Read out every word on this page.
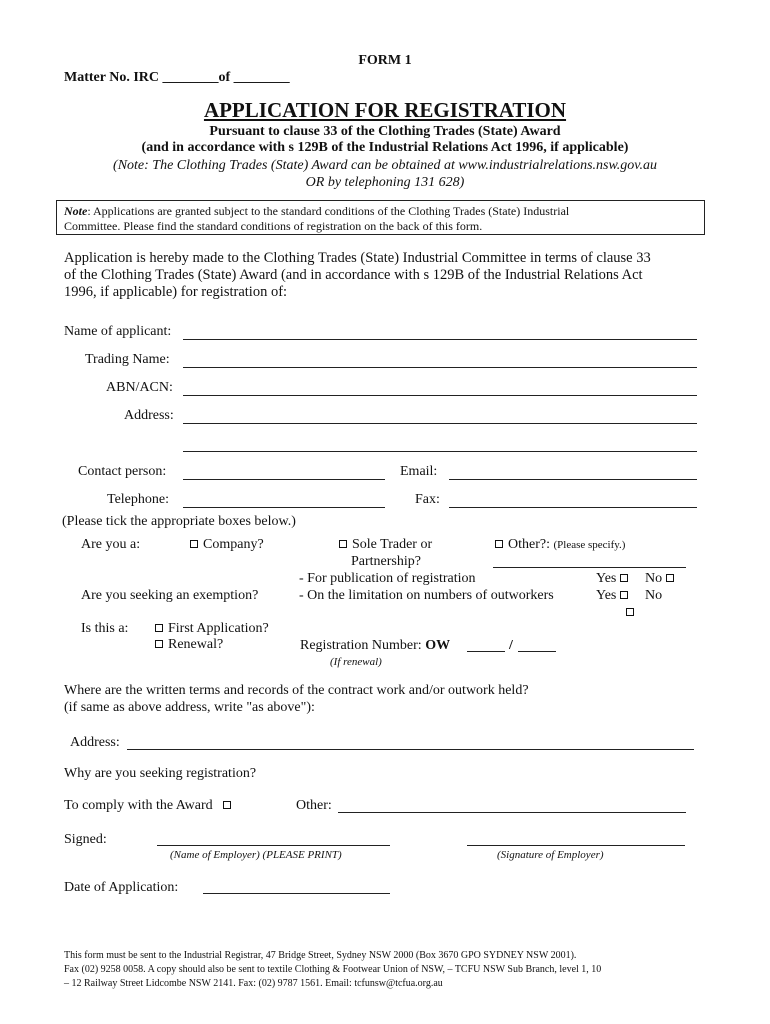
FORM 1
Matter No. IRC ________of ________
APPLICATION FOR REGISTRATION
Pursuant to clause 33 of the Clothing Trades (State) Award
(and in accordance with s 129B of the Industrial Relations Act 1996, if applicable)
(Note: The Clothing Trades (State) Award can be obtained at www.industrialrelations.nsw.gov.au
OR by telephoning 131 628)
Note: Applications are granted subject to the standard conditions of the Clothing Trades (State) Industrial
Committee. Please find the standard conditions of registration on the back of this form.
Application is hereby made to the Clothing Trades (State) Industrial Committee in terms of clause 33
of the Clothing Trades (State) Award (and in accordance with s 129B of the Industrial Relations Act
1996, if applicable) for registration of:
Name of applicant:
Trading Name:
ABN/ACN:
Address:
Contact person:	Email:
Telephone:	Fax:
(Please tick the appropriate boxes below.)
Are you a:	Company?	Sole Trader or
Partnership?
Other?: (Please specify.)
- For publication of registration	Yes	No
Are you seeking an exemption?	- On the limitation on numbers of outworkers	Yes	No
Is this a:	First Application?
Renewal?	Registration Number: OW	/
(If renewal)
Where are the written terms and records of the contract work and/or outwork held?
(if same as above address, write "as above"):
Address:
Why are you seeking registration?
To comply with the Award	Other:
Signed:
(Name of Employer) (PLEASE PRINT)	(Signature of Employer)
Date of Application:
This form must be sent to the Industrial Registrar, 47 Bridge Street, Sydney NSW 2000 (Box 3670 GPO SYDNEY NSW 2001).
Fax (02) 9258 0058. A copy should also be sent to textile Clothing & Footwear Union of NSW, – TCFU NSW Sub Branch, level 1, 10
– 12 Railway Street Lidcombe NSW 2141. Fax: (02) 9787 1561. Email: tcfunsw@tcfua.org.au
